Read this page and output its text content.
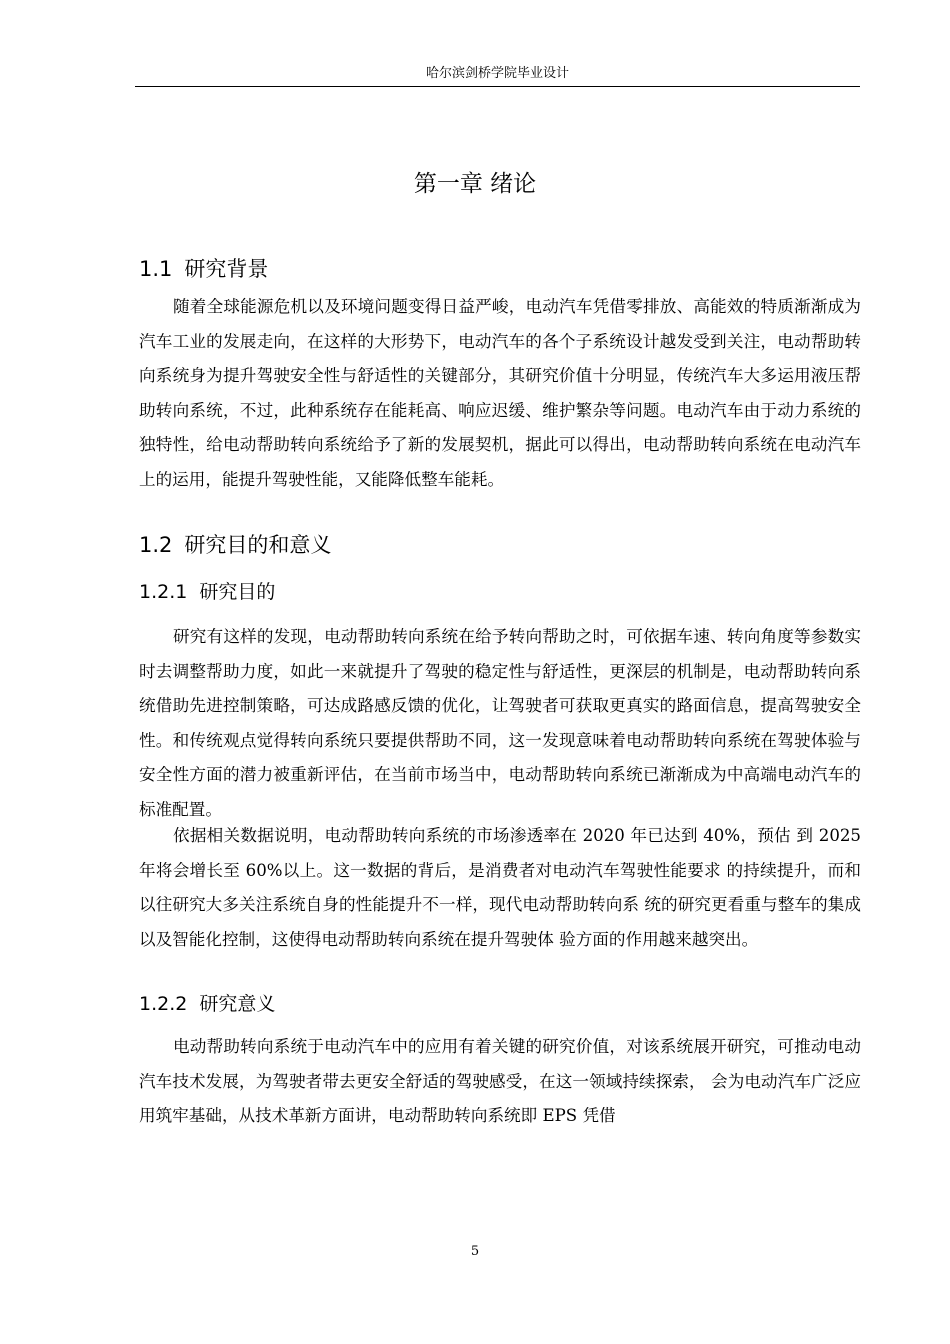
哈尔滨剑桥学院毕业设计
第一章 绪论
1.1 研究背景

随着全球能源危机以及环境问题变得日益严峻，电动汽车凭借零排放、高能效的特质渐渐成为汽车工业的发展走向，在这样的大形势下，电动汽车的各个子系统设计越发受到关注，电动帮助转向系统身为提升驾驶安全性与舒适性的关键部分，其研究价值十分明显，传统汽车大多运用液压帮助转向系统，不过，此种系统存在能耗高、响应迟缓、维护繁杂等问题。电动汽车由于动力系统的独特性，给电动帮助转向系统给予了新的发展契机，据此可以得出，电动帮助转向系统在电动汽车上的运用，能提升驾驶性能，又能降低整车能耗。

1.2 研究目的和意义
1.2.1 研究目的

研究有这样的发现，电动帮助转向系统在给予转向帮助之时，可依据车速、转向角度等参数实时去调整帮助力度，如此一来就提升了驾驶的稳定性与舒适性，更深层的机制是，电动帮助转向系统借助先进控制策略，可达成路感反馈的优化，让驾驶者可获取更真实的路面信息，提高驾驶安全性。和传统观点觉得转向系统只要提供帮助不同，这一发现意味着电动帮助转向系统在驾驶体验与安全性方面的潜力被重新评估，在当前市场当中，电动帮助转向系统已渐渐成为中高端电动汽车的标准配置。

依据相关数据说明，电动帮助转向系统的市场渗透率在 2020 年已达到 40%，预估 到 2025 年将会增长至 60%以上。这一数据的背后，是消费者对电动汽车驾驶性能要求 的持续提升，而和以往研究大多关注系统自身的性能提升不一样，现代电动帮助转向系 统的研究更看重与整车的集成以及智能化控制，这使得电动帮助转向系统在提升驾驶体 验方面的作用越来越突出。

1.2.2 研究意义

电动帮助转向系统于电动汽车中的应用有着关键的研究价值，对该系统展开研究，可推动电动汽车技术发展，为驾驶者带去更安全舒适的驾驶感受，在这一领域持续探索， 会为电动汽车广泛应用筑牢基础，从技术革新方面讲，电动帮助转向系统即 EPS 凭借

5
